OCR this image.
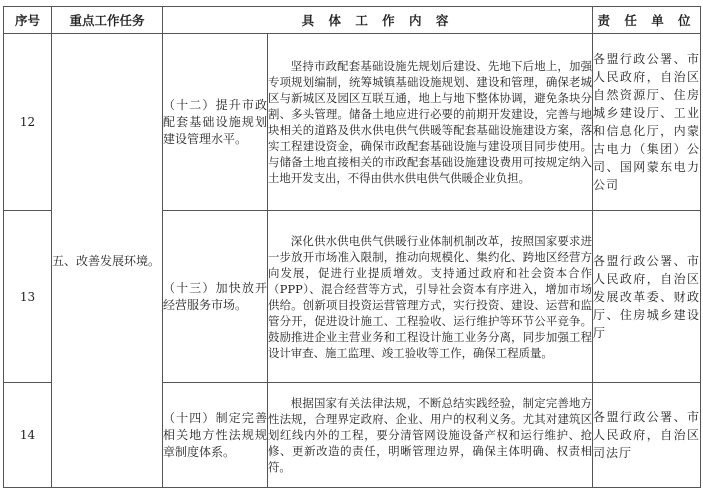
序号	重点工作任务	具 体 工 作 内 容		责 任 单 位
12	五、改善发展环境。	（十二）提升市政配套基础设施规划建设管理水平。	坚持市政配套基础设施先规划后建设、先地下后地上，加强专项规划编制，统筹城镇基础设施规划、建设和管理，确保老城区与新城区及园区互联互通，地上与地下整体协调，避免条块分割、多头管理。储备土地应进行必要的前期开发建设，完善与地块相关的道路及供水供电供气供暖等配套基础设施建设方案，落实工程建设资金，确保市政配套基础设施与建设项目同步使用。与储备土地直接相关的市政配套基础设施建设费用可按规定纳入土地开发支出，不得由供水供电供气供暖企业负担。	各盟行政公署、市人民政府，自治区自然资源厅、住房城乡建设厅、工业和信息化厅，内蒙古电力（集团）公司、国网蒙东电力公司
13		（十三）加快放开经营服务市场。	深化供水供电供气供暖行业体制机制改革，按照国家要求进一步放开市场准入限制，推动向规模化、集约化、跨地区经营方向发展，促进行业提质增效。支持通过政府和社会资本合作（PPP）、混合经营等方式，引导社会资本有序进入，增加市场供给。创新项目投资运营管理方式，实行投资、建设、运营和监管分开，促进设计施工、工程验收、运行维护等环节公平竞争。鼓励推进企业主营业务和工程设计施工业务分离，同步加强工程设计审查、施工监理、竣工验收等工作，确保工程质量。	各盟行政公署、市人民政府，自治区发展改革委、财政厅、住房城乡建设厅
14		（十四）制定完善相关地方性法规规章制度体系。	根据国家有关法律法规，不断总结实践经验，制定完善地方性法规，合理界定政府、企业、用户的权利义务。尤其对建筑区划红线内外的工程，要分清管网设施设备产权和运行维护、抢修、更新改造的责任，明晰管理边界，确保主体明确、权责相符。	各盟行政公署、市人民政府，自治区司法厅
